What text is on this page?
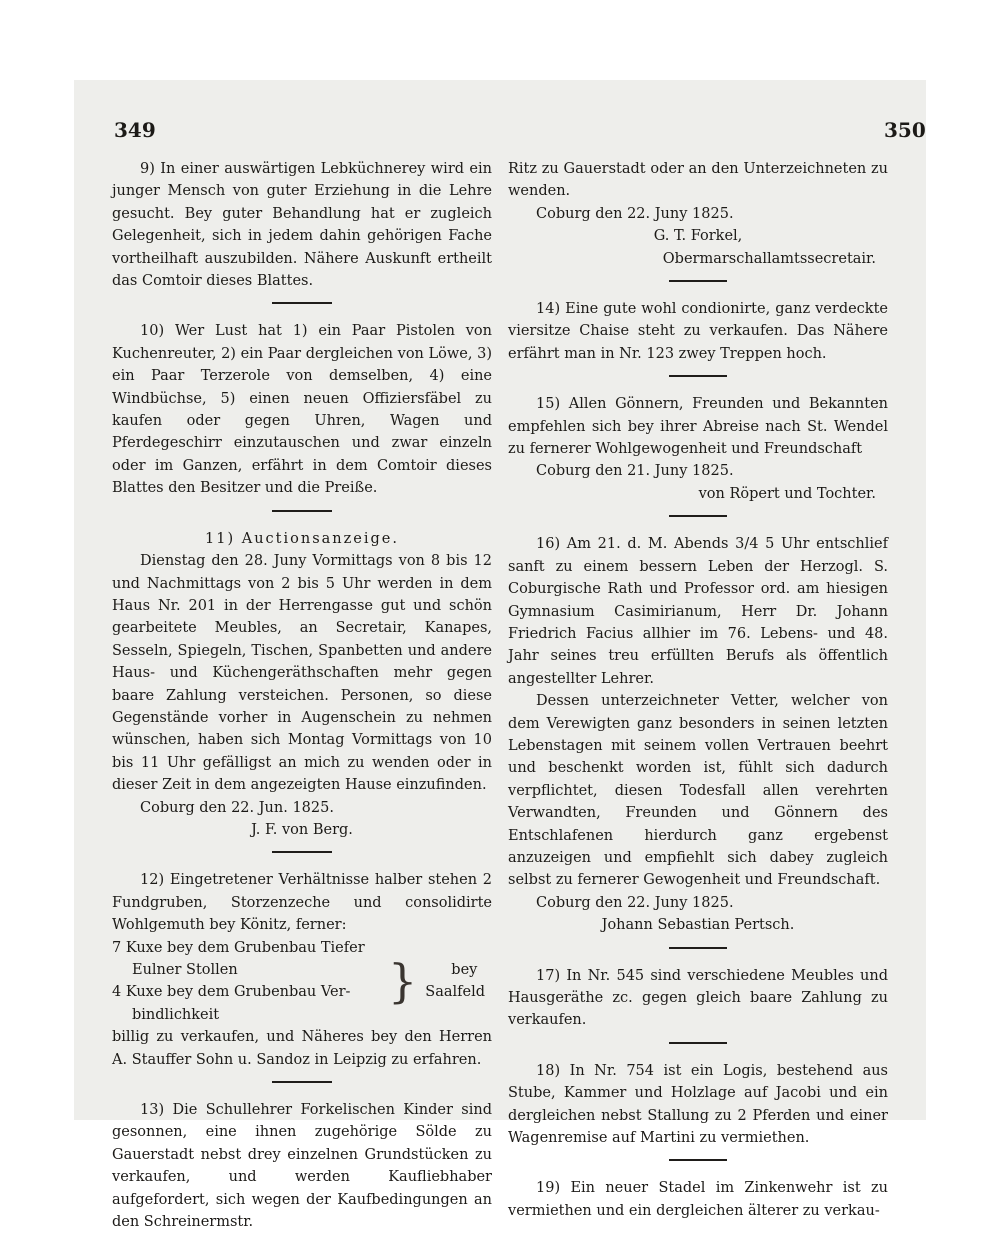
349	350

9) In einer auswärtigen Lebküchnerey wird ein junger Mensch von guter Erziehung in die Lehre gesucht. Bey guter Behandlung hat er zugleich Gelegenheit, sich in jedem dahin gehörigen Fache vortheilhaft auszubilden. Nähere Auskunft ertheilt das Comtoir dieses Blattes.

10) Wer Lust hat 1) ein Paar Pistolen von Kuchenreuter, 2) ein Paar dergleichen von Löwe, 3) ein Paar Terzerole von demselben, 4) eine Windbüchse, 5) einen neuen Offiziersfäbel zu kaufen oder gegen Uhren, Wagen und Pferdegeschirr einzutauschen und zwar einzeln oder im Ganzen, erfährt in dem Comtoir dieses Blattes den Besitzer und die Preiße.

11) Auctionsanzeige.

Dienstag den 28. Juny Vormittags von 8 bis 12 und Nachmittags von 2 bis 5 Uhr werden in dem Haus Nr. 201 in der Herrengasse gut und schön gearbeitete Meubles, an Secretair, Kanapes, Sesseln, Spiegeln, Tischen, Spanbetten und andere Haus- und Küchengeräthschaften mehr gegen baare Zahlung versteichen. Personen, so diese Gegenstände vorher in Augenschein zu nehmen wünschen, haben sich Montag Vormittags von 10 bis 11 Uhr gefälligst an mich zu wenden oder in dieser Zeit in dem angezeigten Hause einzufinden.

Coburg den 22. Jun. 1825.

J. F. von Berg.

12) Eingetretener Verhältnisse halber stehen 2 Fundgruben, Storzenzeche und consolidirte Wohlgemuth bey Könitz, ferner:

7 Kuxe bey dem Grubenbau Tiefer
Eulner Stollen
4 Kuxe bey dem Grubenbau Ver-
bindlichkeit
}	bey
Saalfeld

billig zu verkaufen, und Näheres bey den Herren A. Stauffer Sohn u. Sandoz in Leipzig zu erfahren.

13) Die Schullehrer Forkelischen Kinder sind gesonnen, eine ihnen zugehörige Sölde zu Gauerstadt nebst drey einzelnen Grundstücken zu verkaufen, und werden Kaufliebhaber aufgefordert, sich wegen der Kaufbedingungen an den Schreinermstr.

Ritz zu Gauerstadt oder an den Unterzeichneten zu wenden.

Coburg den 22. Juny 1825.

G. T. Forkel,

Obermarschallamtssecretair.

14) Eine gute wohl condionirte, ganz verdeckte viersitze Chaise steht zu verkaufen. Das Nähere erfährt man in Nr. 123 zwey Treppen hoch.

15) Allen Gönnern, Freunden und Bekannten empfehlen sich bey ihrer Abreise nach St. Wendel zu fernerer Wohlgewogenheit und Freundschaft

Coburg den 21. Juny 1825.

von Röpert und Tochter.

16) Am 21. d. M. Abends 3/4 5 Uhr entschlief sanft zu einem bessern Leben der Herzogl. S. Coburgische Rath und Professor ord. am hiesigen Gymnasium Casimirianum, Herr Dr. Johann Friedrich Facius allhier im 76. Lebens- und 48. Jahr seines treu erfüllten Berufs als öffentlich angestellter Lehrer.

Dessen unterzeichneter Vetter, welcher von dem Verewigten ganz besonders in seinen letzten Lebenstagen mit seinem vollen Vertrauen beehrt und beschenkt worden ist, fühlt sich dadurch verpflichtet, diesen Todesfall allen verehrten Verwandten, Freunden und Gönnern des Entschlafenen hierdurch ganz ergebenst anzuzeigen und empfiehlt sich dabey zugleich selbst zu fernerer Gewogenheit und Freundschaft.

Coburg den 22. Juny 1825.

Johann Sebastian Pertsch.

17) In Nr. 545 sind verschiedene Meubles und Hausgeräthe zc. gegen gleich baare Zahlung zu verkaufen.

18) In Nr. 754 ist ein Logis, bestehend aus Stube, Kammer und Holzlage auf Jacobi und ein dergleichen nebst Stallung zu 2 Pferden und einer Wagenremise auf Martini zu vermiethen.

19) Ein neuer Stadel im Zinkenwehr ist zu vermiethen und ein dergleichen älterer zu verkau-
